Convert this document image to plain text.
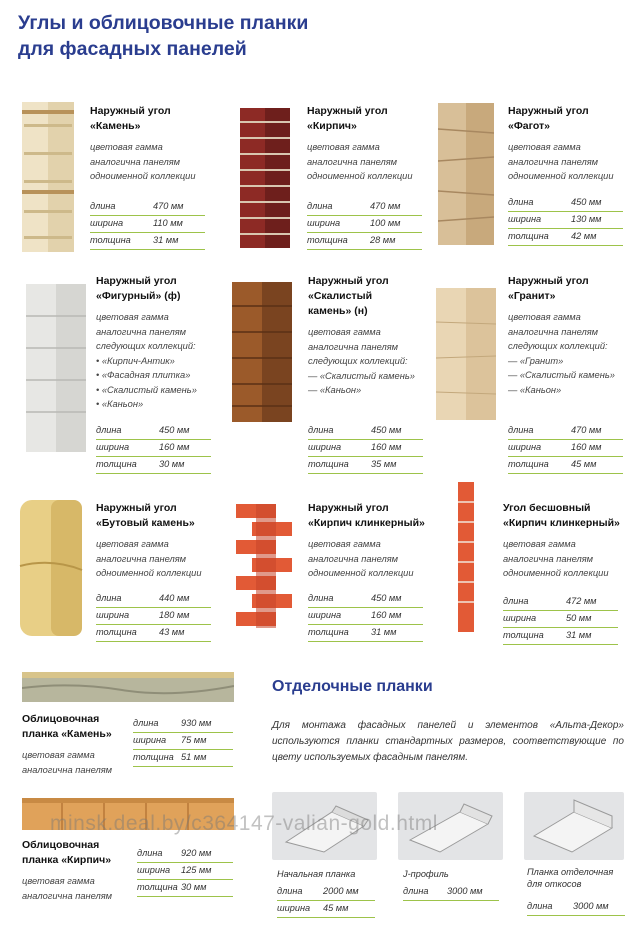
Углы и облицовочные планки
для фасадных панелей
Наружный угол
«Камень»
цветовая гамма
аналогична панелям
одноименной коллекции
длина	470 мм
ширина	110 мм
толщина 31 мм
Наружный угол
«Кирпич»
цветовая гамма
аналогична панелям
одноименной коллекции
длина	470 мм
ширина	100 мм
толщина 28 мм
Наружный угол
«Фагот»
цветовая гамма
аналогична панелям
одноименной коллекции
длина	450 мм
ширина	130 мм
толщина 42 мм
Наружный угол
«Фигурный» (ф)
цветовая гамма
аналогична панелям
следующих коллекций:
• «Кирпич-Антик»
• «Фасадная плитка»
• «Скалистый камень»
• «Каньон»
длина	450 мм
ширина	160 мм
толщина 30 мм
Наружный угол
«Скалистый
камень» (н)
цветовая гамма
аналогична панелям
следующих коллекций:
— «Скалистый камень»
— «Каньон»
длина	450 мм
ширина	160 мм
толщина 35 мм
Наружный угол
«Гранит»
цветовая гамма
аналогична панелям
следующих коллекций:
— «Гранит»
— «Скалистый камень»
— «Каньон»
длина	470 мм
ширина	160 мм
толщина 45 мм
Наружный угол
«Бутовый камень»
цветовая гамма
аналогична панелям
одноименной коллекции
длина	440 мм
ширина	180 мм
толщина 43 мм
Наружный угол
«Кирпич клинкерный»
цветовая гамма
аналогична панелям
одноименной коллекции
длина	450 мм
ширина	160 мм
толщина 31 мм
Угол бесшовный
«Кирпич клинкерный»
цветовая гамма
аналогична панелям
одноименной коллекции
длина	472 мм
ширина	50 мм
толщина 31 мм
Облицовочная
планка «Камень»
цветовая гамма
аналогична панелям
длина 930 мм
ширина 75 мм
толщина 51 мм
Облицовочная
планка «Кирпич»
цветовая гамма
аналогична панелям
длина 920 мм
ширина 125 мм
толщина 30 мм
Отделочные планки
Для монтажа фасадных панелей и элементов «Альта-Декор» используются планки стандартных размеров, соответствующие по цвету используемых фасадным панелям.
Начальная планка
длина 2000 мм
ширина 45 мм
J-профиль
длина 3000 мм
Планка отделочная
для откосов
длина 3000 мм
minsk.deal.by/c364147-valian-gold.html
